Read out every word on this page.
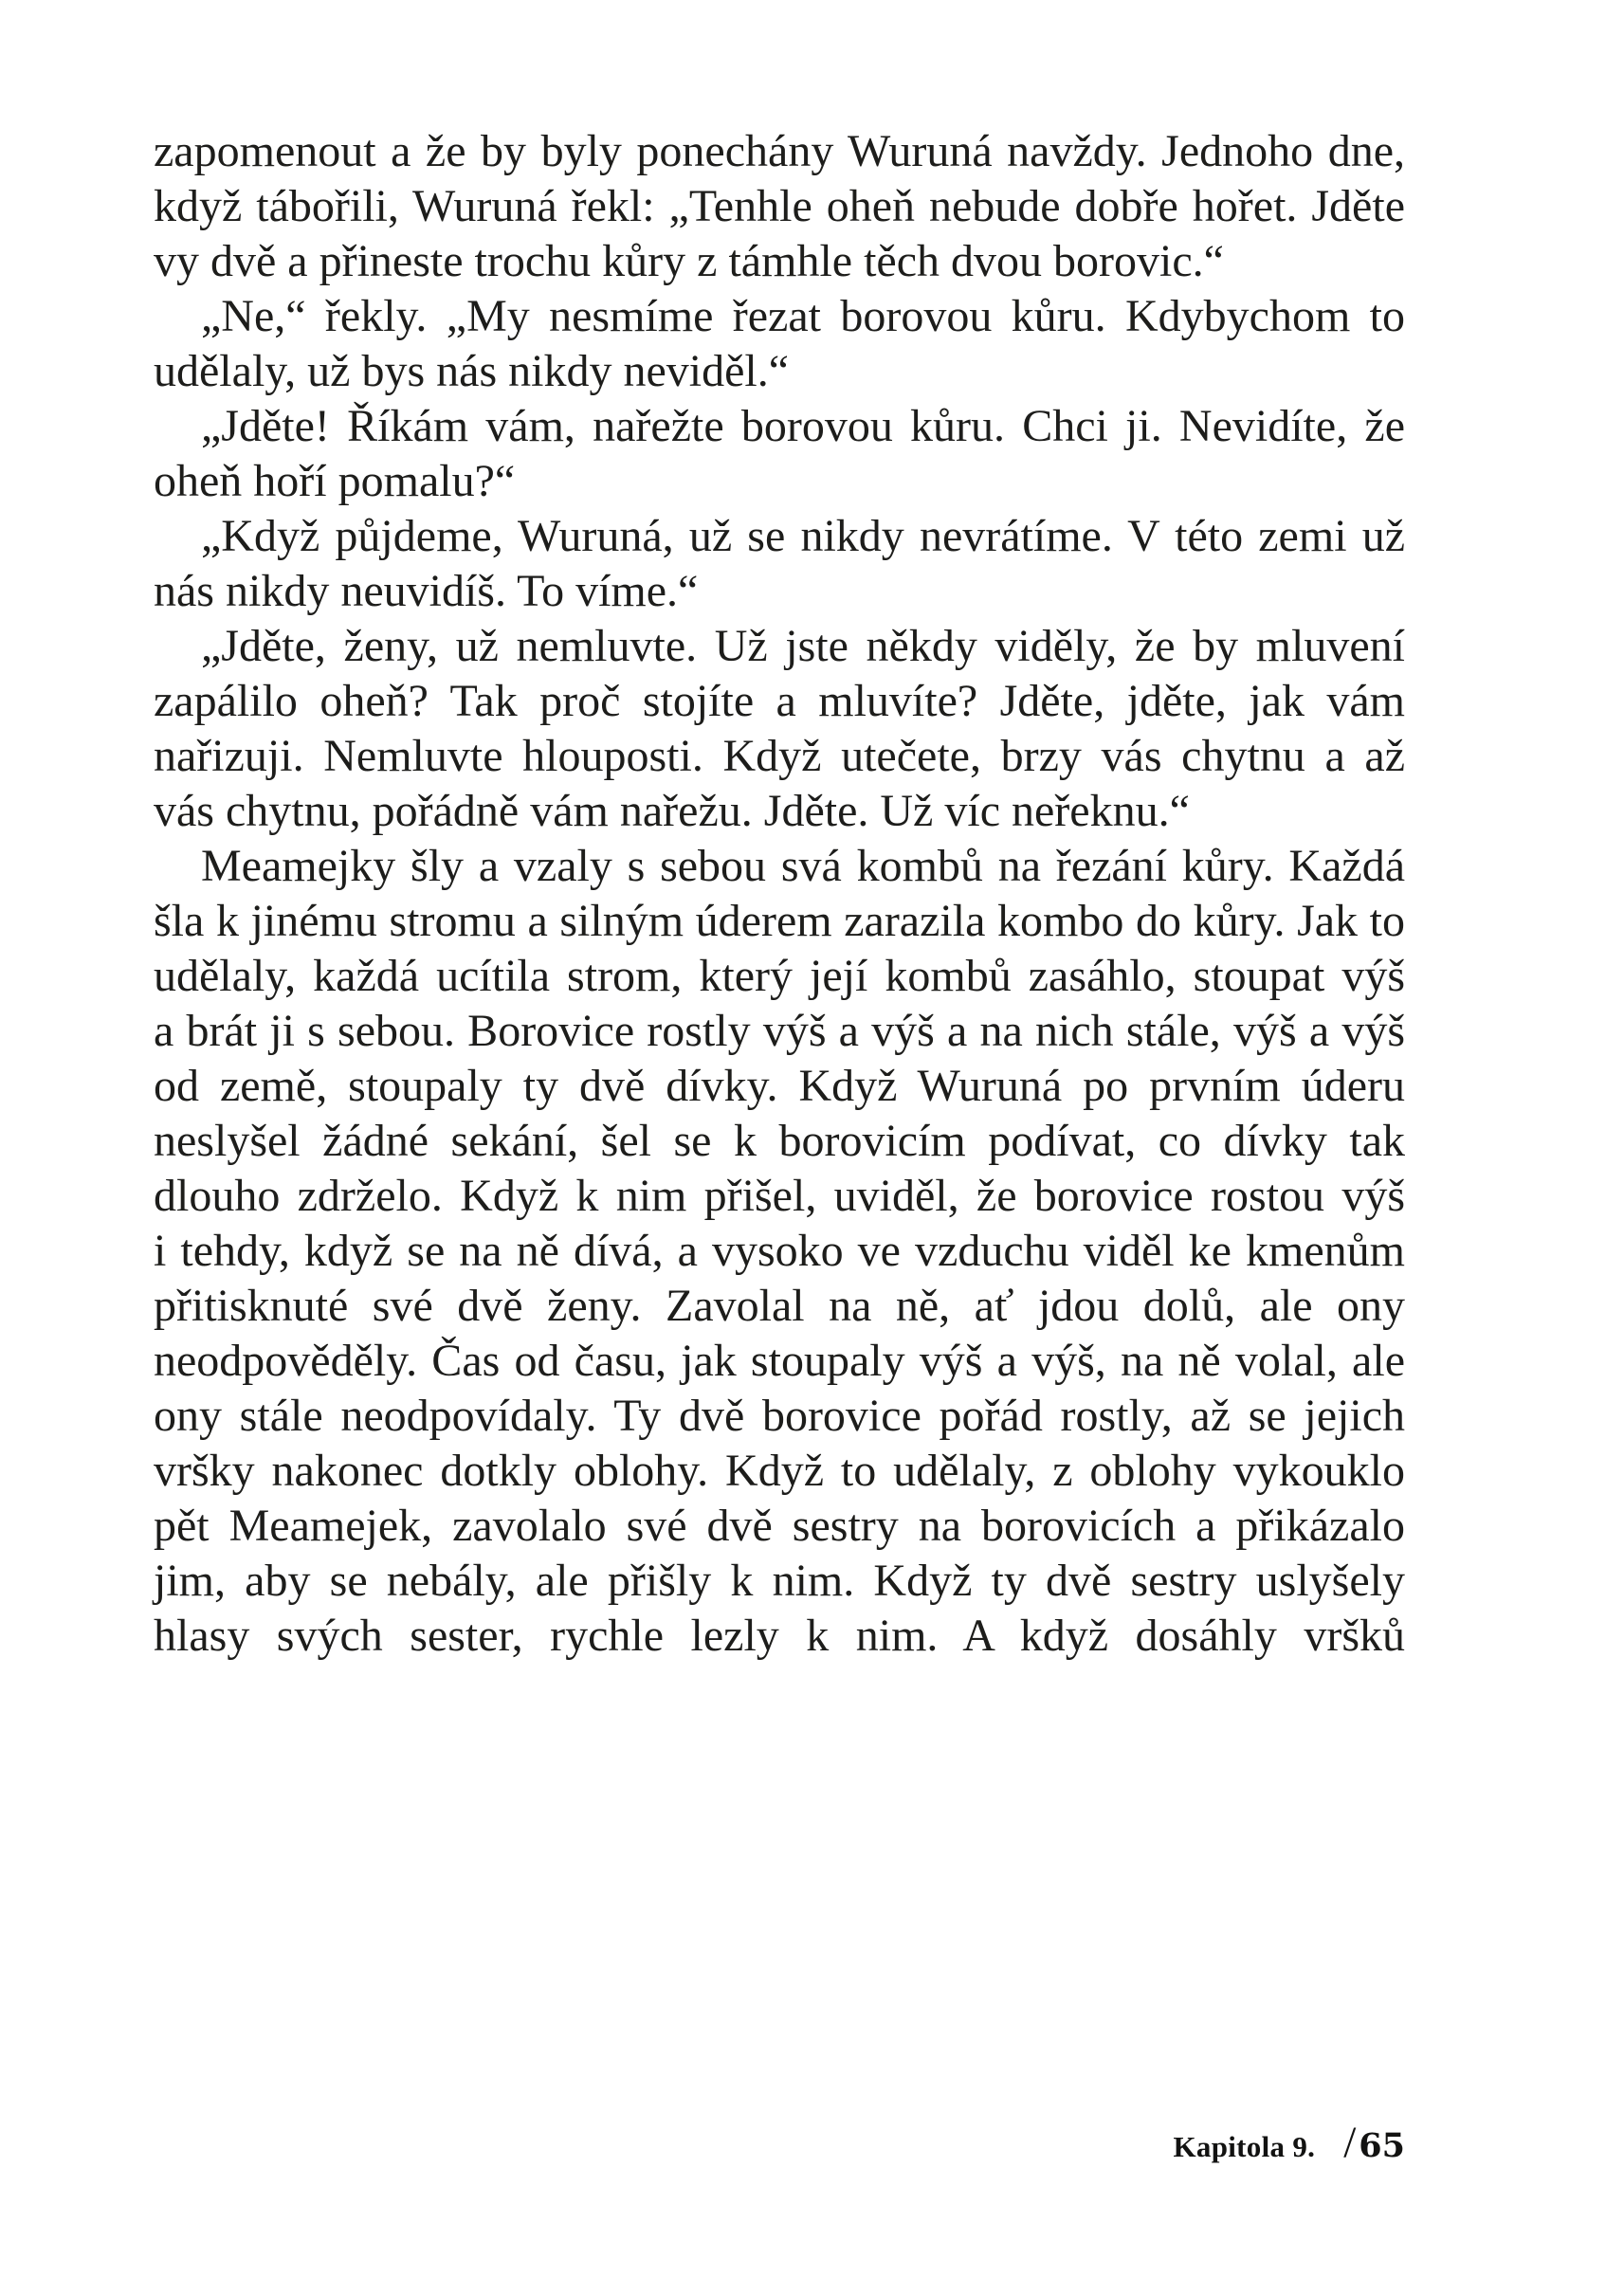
zapomenout a že by byly ponechány Wuruná navždy. Jednoho dne,
když tábořili, Wuruná řekl: „Tenhle oheň nebude dobře hořet. Jděte
vy dvě a přineste trochu kůry z támhle těch dvou borovic.“
„Ne,“ řekly. „My nesmíme řezat borovou kůru. Kdybychom to
udělaly, už bys nás nikdy neviděl.“
„Jděte! Říkám vám, nařežte borovou kůru. Chci ji. Nevidíte, že
oheň hoří pomalu?“
„Když půjdeme, Wuruná, už se nikdy nevrátíme. V této zemi už
nás nikdy neuvidíš. To víme.“
„Jděte, ženy, už nemluvte. Už jste někdy viděly, že by mluvení
zapálilo oheň? Tak proč stojíte a mluvíte? Jděte, jděte, jak vám
nařizuji. Nemluvte hlouposti. Když utečete, brzy vás chytnu a až
vás chytnu, pořádně vám nařežu. Jděte. Už víc neřeknu.“
Meamejky šly a vzaly s sebou svá kombů na řezání kůry. Každá
šla k jinému stromu a silným úderem zarazila kombo do kůry. Jak to
udělaly, každá ucítila strom, který její kombů zasáhlo, stoupat výš
a brát ji s sebou. Borovice rostly výš a výš a na nich stále, výš a výš
od země, stoupaly ty dvě dívky. Když Wuruná po prvním úderu
neslyšel žádné sekání, šel se k borovicím podívat, co dívky tak
dlouho zdrželo. Když k nim přišel, uviděl, že borovice rostou výš
i tehdy, když se na ně dívá, a vysoko ve vzduchu viděl ke kmenům
přitisknuté své dvě ženy. Zavolal na ně, ať jdou dolů, ale ony
neodpověděly. Čas od času, jak stoupaly výš a výš, na ně volal, ale
ony stále neodpovídaly. Ty dvě borovice pořád rostly, až se jejich
vršky nakonec dotkly oblohy. Když to udělaly, z oblohy vykouklo
pět Meamejek, zavolalo své dvě sestry na borovicích a přikázalo
jim, aby se nebály, ale přišly k nim. Když ty dvě sestry uslyšely
hlasy svých sester, rychle lezly k nim. A když dosáhly vršků
Kapitola 9. / 65
